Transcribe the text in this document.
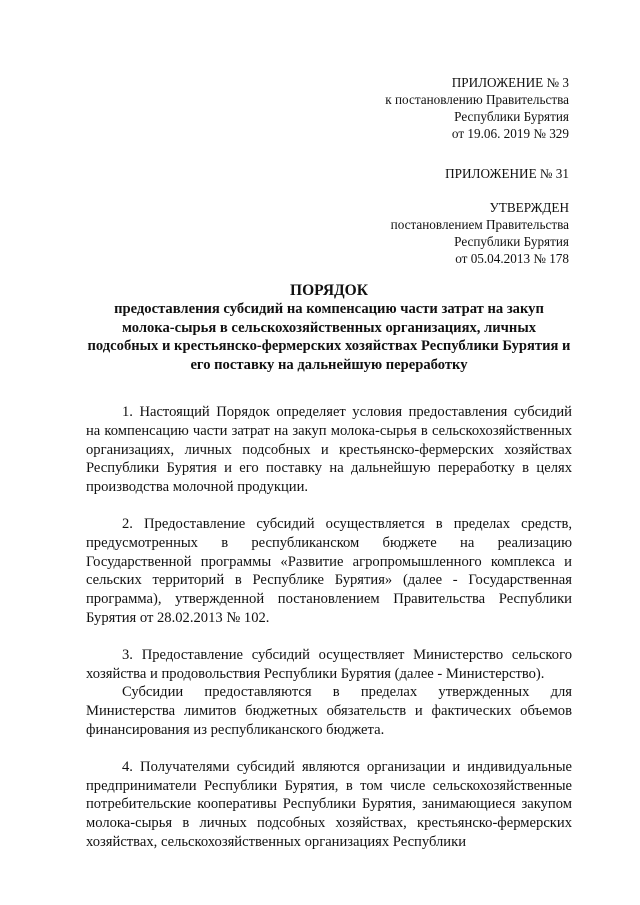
ПРИЛОЖЕНИЕ № 3
к постановлению Правительства
Республики Бурятия
от 19.06. 2019 № 329
ПРИЛОЖЕНИЕ № 31
УТВЕРЖДЕН
постановлением Правительства
Республики Бурятия
от 05.04.2013 № 178
ПОРЯДОК
предоставления субсидий на компенсацию части затрат на закуп молока-сырья в сельскохозяйственных организациях, личных подсобных и крестьянско-фермерских хозяйствах Республики Бурятия и его поставку на дальнейшую переработку

1. Настоящий Порядок определяет условия предоставления субсидий на компенсацию части затрат на закуп молока-сырья в сельскохозяйственных организациях, личных подсобных и крестьянско-фермерских хозяйствах Республики Бурятия и его поставку на дальнейшую переработку в целях производства молочной продукции.

2. Предоставление субсидий осуществляется в пределах средств, предусмотренных в республиканском бюджете на реализацию Государственной программы «Развитие агропромышленного комплекса и сельских территорий в Республике Бурятия» (далее - Государственная программа), утвержденной постановлением Правительства Республики Бурятия от 28.02.2013 № 102.

3. Предоставление субсидий осуществляет Министерство сельского хозяйства и продовольствия Республики Бурятия (далее - Министерство).

Субсидии предоставляются в пределах утвержденных для Министерства лимитов бюджетных обязательств и фактических объемов финансирования из республиканского бюджета.

4. Получателями субсидий являются организации и индивидуальные предприниматели Республики Бурятия, в том числе сельскохозяйственные потребительские кооперативы Республики Бурятия, занимающиеся закупом молока-сырья в личных подсобных хозяйствах, крестьянско-фермерских хозяйствах, сельскохозяйственных организациях Республики
